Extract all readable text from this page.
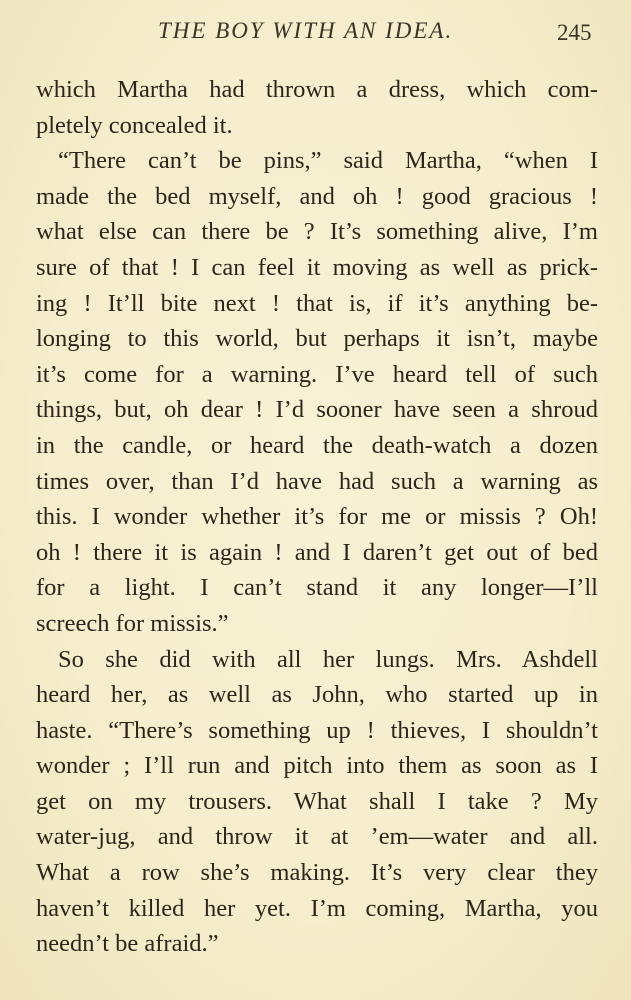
THE BOY WITH AN IDEA.	245
which Martha had thrown a dress, which com-
pletely concealed it.
“There can’t be pins,” said Martha, “when I
made the bed myself, and oh ! good gracious !
what else can there be ? It’s something alive, I’m
sure of that ! I can feel it moving as well as prick-
ing ! It’ll bite next ! that is, if it’s anything be-
longing to this world, but perhaps it isn’t, maybe
it’s come for a warning. I’ve heard tell of such
things, but, oh dear ! I’d sooner have seen a shroud
in the candle, or heard the death-watch a dozen
times over, than I’d have had such a warning as
this. I wonder whether it’s for me or missis ? Oh!
oh ! there it is again ! and I daren’t get out of bed
for a light. I can’t stand it any longer—I’ll
screech for missis.”
So she did with all her lungs. Mrs. Ashdell
heard her, as well as John, who started up in
haste. “There’s something up ! thieves, I shouldn’t
wonder ; I’ll run and pitch into them as soon as I
get on my trousers. What shall I take ? My
water-jug, and throw it at ’em—water and all.
What a row she’s making. It’s very clear they
haven’t killed her yet. I’m coming, Martha, you
needn’t be afraid.”
